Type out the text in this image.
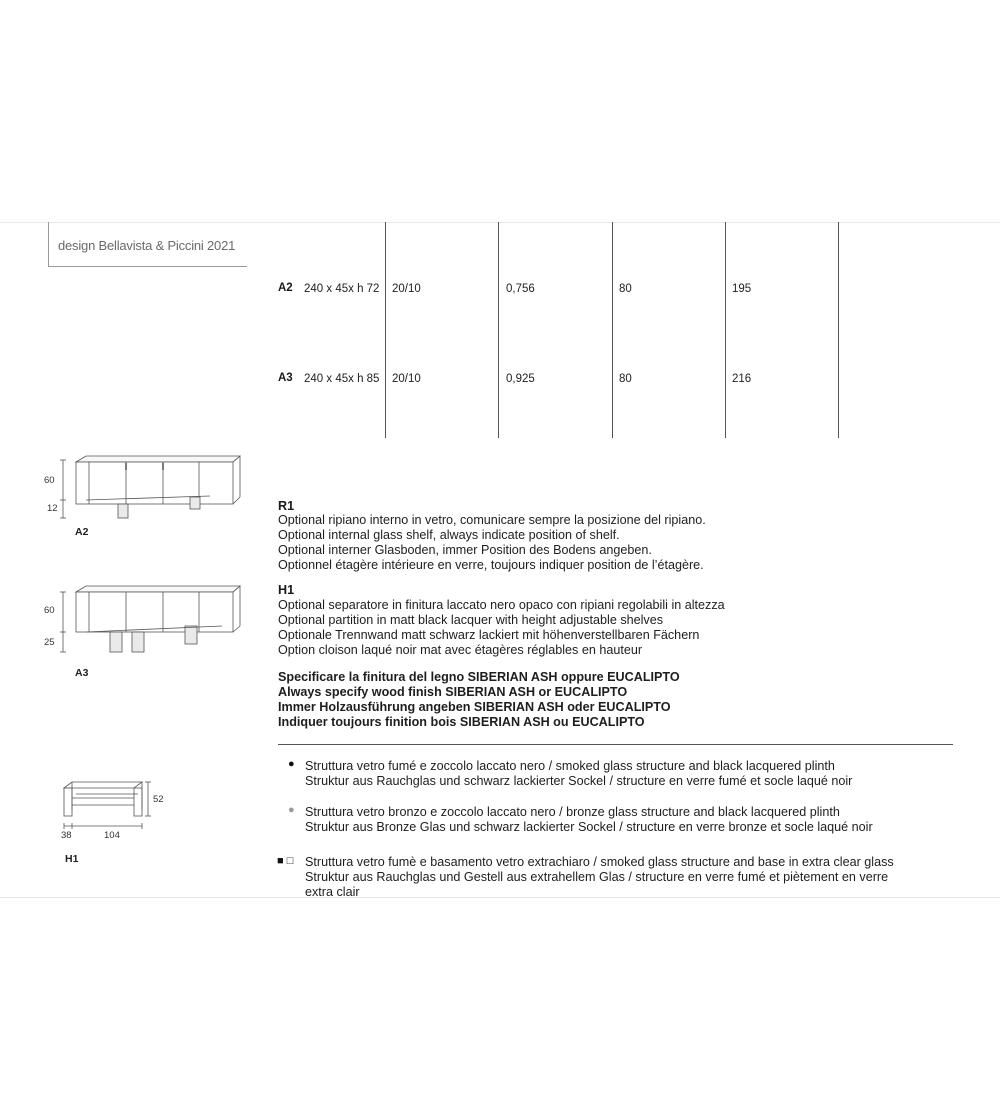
design Bellavista & Piccini 2021
A2 240 x 45x h 72 20/10	0,756	80	195
A3 240 x 45x h 85 20/10	0,925	80	216
60
12
A2
60
25
A3
52
38	104
H1
R1
Optional ripiano interno in vetro, comunicare sempre la posizione del ripiano.
Optional internal glass shelf, always indicate position of shelf.
Optional interner Glasboden, immer Position des Bodens angeben.
Optionnel étagère intérieure en verre, toujours indiquer position de l’étagère.
H1
Optional separatore in finitura laccato nero opaco con ripiani regolabili in altezza
Optional partition in matt black lacquer with height adjustable shelves
Optionale Trennwand matt schwarz lackiert mit höhenverstellbaren Fächern
Option cloison laqué noir mat avec étagères réglables en hauteur
Specificare la finitura del legno SIBERIAN ASH oppure EUCALIPTO
Always specify wood finish SIBERIAN ASH or EUCALIPTO
Immer Holzausführung angeben SIBERIAN ASH oder EUCALIPTO
Indiquer toujours finition bois SIBERIAN ASH ou EUCALIPTO
● Struttura vetro fumé e zoccolo laccato nero / smoked glass structure and black lacquered plinth
Struktur aus Rauchglas und schwarz lackierter Sockel / structure en verre fumé et socle laqué noir
● Struttura vetro bronzo e zoccolo laccato nero / bronze glass structure and black lacquered plinth
Struktur aus Bronze Glas und schwarz lackierter Sockel / structure en verre bronze et socle laqué noir
■ □ Struttura vetro fumè e basamento vetro extrachiaro / smoked glass structure and base in extra clear glass
Struktur aus Rauchglas und Gestell aus extrahellem Glas / structure en verre fumé et piètement en verre
extra clair
